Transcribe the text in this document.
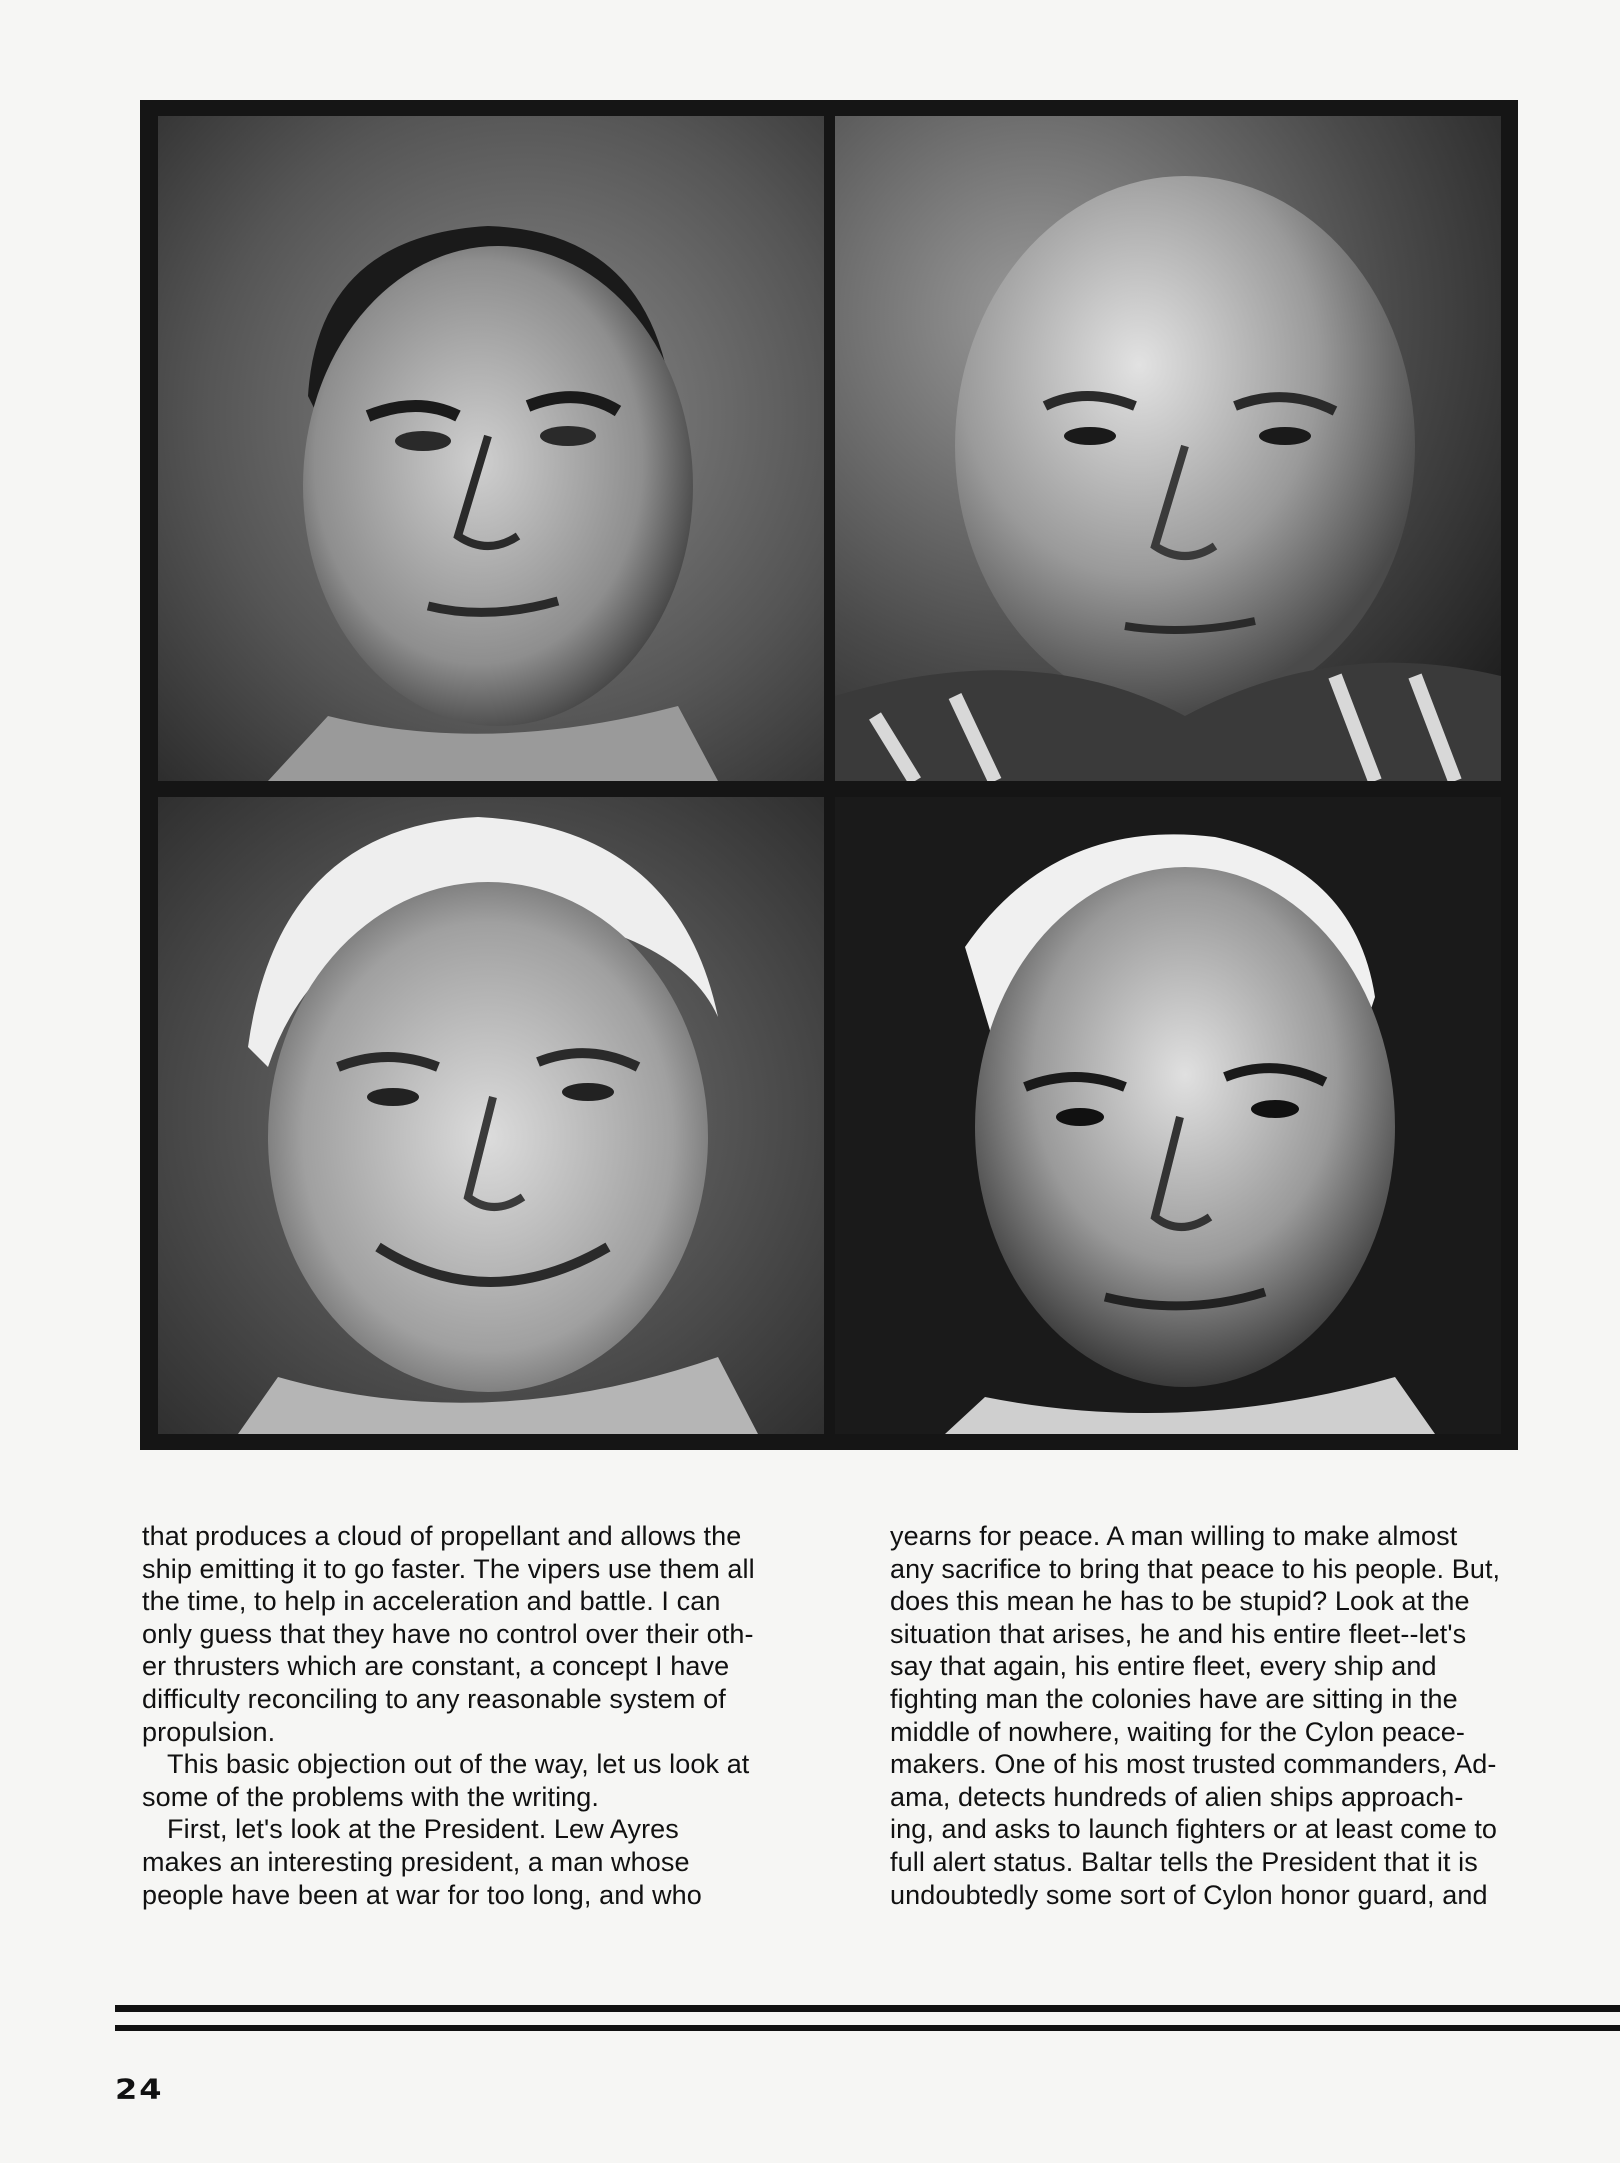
that produces a cloud of propellant and allows the
ship emitting it to go faster. The vipers use them all
the time, to help in acceleration and battle. I can
only guess that they have no control over their oth-
er thrusters which are constant, a concept I have
difficulty reconciling to any reasonable system of
propulsion.

This basic objection out of the way, let us look at
some of the problems with the writing.

First, let's look at the President. Lew Ayres
makes an interesting president, a man whose
people have been at war for too long, and who

yearns for peace. A man willing to make almost
any sacrifice to bring that peace to his people. But,
does this mean he has to be stupid? Look at the
situation that arises, he and his entire fleet--let's
say that again, his entire fleet, every ship and
fighting man the colonies have are sitting in the
middle of nowhere, waiting for the Cylon peace-
makers. One of his most trusted commanders, Ad-
ama, detects hundreds of alien ships approach-
ing, and asks to launch fighters or at least come to
full alert status. Baltar tells the President that it is
undoubtedly some sort of Cylon honor guard, and

24
